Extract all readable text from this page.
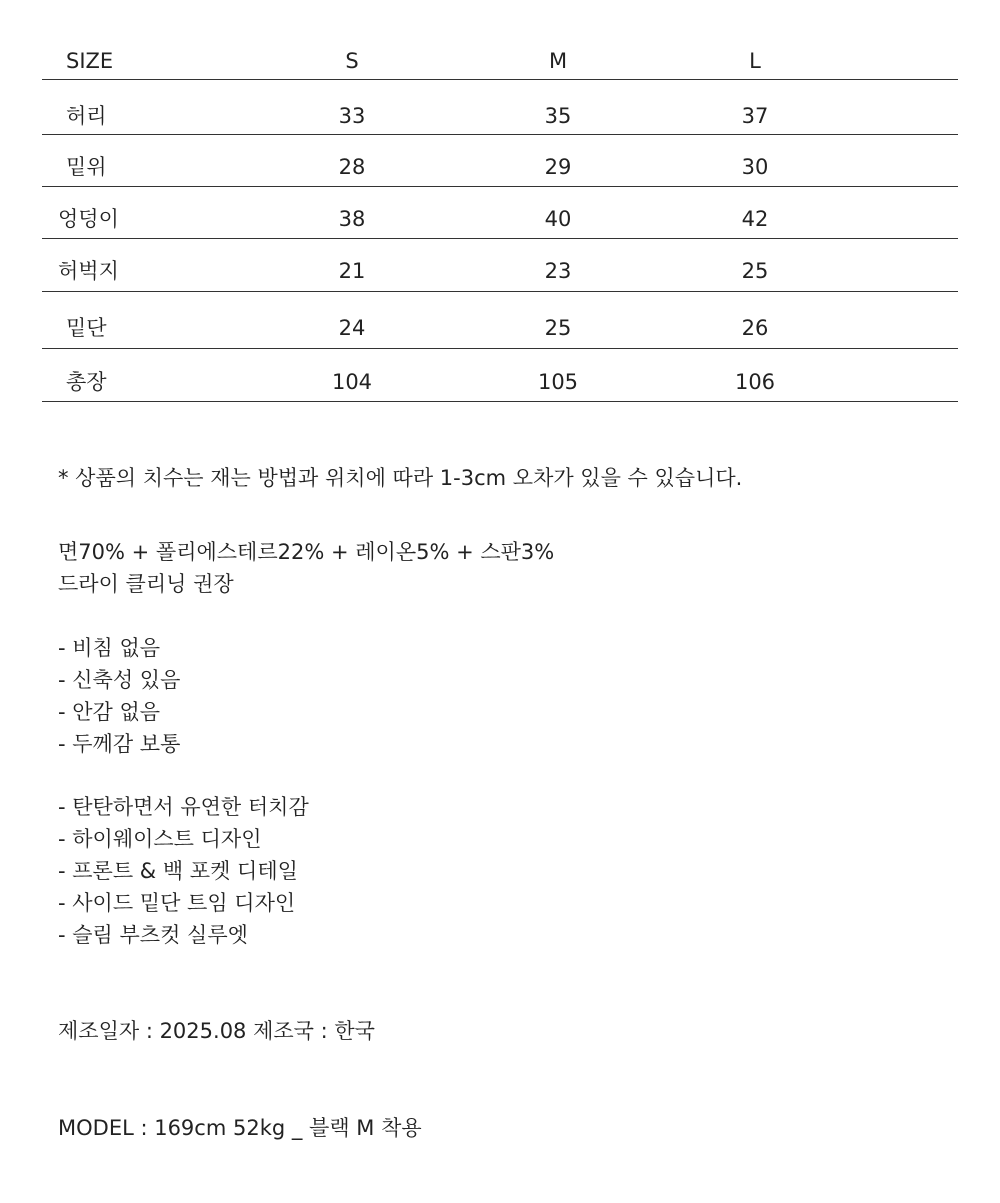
SIZE	S	M	L
허리	33	35	37
밑위	28	29	30
엉덩이	38	40	42
허벅지	21	23	25
밑단	24	25	26
총장	104	105	106
* 상품의 치수는 재는 방법과 위치에 따라 1-3cm 오차가 있을 수 있습니다.
면70% + 폴리에스테르22% + 레이온5% + 스판3%
드라이 클리닝 권장
- 비침 없음
- 신축성 있음
- 안감 없음
- 두께감 보통
- 탄탄하면서 유연한 터치감
- 하이웨이스트 디자인
- 프론트 & 백 포켓 디테일
- 사이드 밑단 트임 디자인
- 슬림 부츠컷 실루엣
제조일자 : 2025.08 제조국 : 한국
MODEL : 169cm 52kg _ 블랙 M 착용
